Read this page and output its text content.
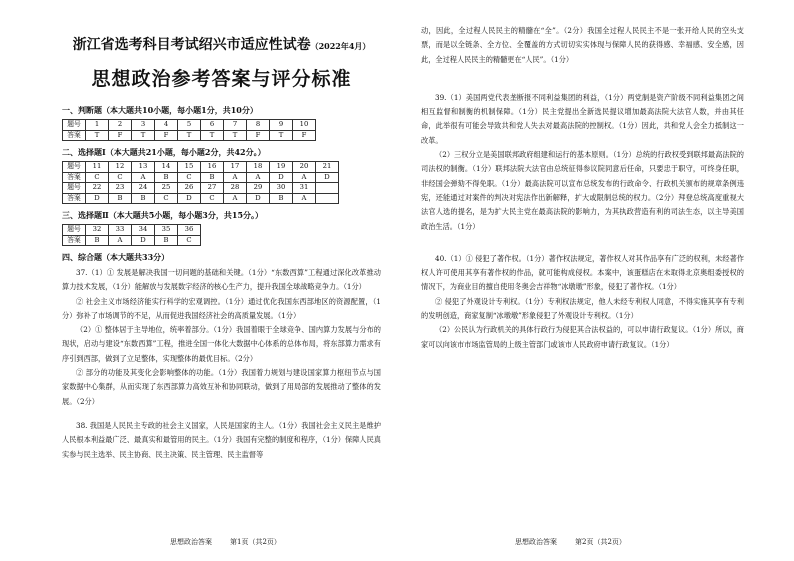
浙江省选考科目考试绍兴市适应性试卷（2022年4月）
思想政治参考答案与评分标准
一、判断题（本大题共10小题，每小题1分，共10分）
题号	1	2	3	4	5	6	7	8	9	10
答案	T	F	T	F	T	T	T	F	T	F
二、选择题Ⅰ（本大题共21小题，每小题2分，共42分。）
题号	11	12	13	14	15	16	17	18	19	20	21
答案	C	C	A	B	C	B	A	A	D	A	D
题号	22	23	24	25	26	27	28	29	30	31	
答案	D	B	B	C	D	C	A	D	B	A	
三、选择题Ⅱ（本大题共5小题，每小题3分，共15分。）
题号	32	33	34	35	36
答案	B	A	D	B	C
四、综合题（本大题共33分）

37.（1）① 发展是解决我国一切问题的基础和关键。（1分）“东数西算”工程通过深化改革推动算力技术发展，（1分）能解放与发展数字经济的核心生产力，提升我国全球战略竞争力。（1分）

② 社会主义市场经济能实行科学的宏观调控。（1分）通过优化我国东西部地区的资源配置，（1分）弥补了市场调节的不足，从而促进我国经济社会的高质量发展。（1分）

（2）① 整体居于主导地位，统率着部分。（1分）我国着眼于全球竞争、国内算力发展与分布的现状，启动与建设“东数西算”工程，推进全国一体化大数据中心体系的总体布局，将东部算力需求有序引到西部，做到了立足整体，实现整体的最优目标。（2分）

② 部分的功能及其变化会影响整体的功能。（1分）我国着力规划与建设国家算力枢纽节点与国家数据中心集群，从而实现了东西部算力高效互补和协同联动，做到了用局部的发展推动了整体的发展。（2分）

38. 我国是人民民主专政的社会主义国家，人民是国家的主人。（1分）我国社会主义民主是维护人民根本利益最广泛、最真实和最管用的民主。（1分）我国有完整的制度和程序，（1分）保障人民真实参与民主选举、民主协商、民主决策、民主管理、民主监督等

思想政治答案	第1页（共2页）

动，因此，全过程人民民主的精髓在“全”。（2分）我国全过程人民民主不是一张开给人民的空头支票，而是以全链条、全方位、全覆盖的方式切切实实体现与保障人民的获得感、幸福感、安全感，因此，全过程人民民主的精髓更在“人民”。（1分）

39.（1）美国两党代表垄断报不同利益集团的利益，（1分）两党制是资产阶级不同利益集团之间相互监督和制衡的机制保障。（1分）民主党提出全新选民提议增加最高法院大法官人数，并由其任命，此举很有可能会导致共和党人失去对最高法院的控制权。（1分）因此，共和党人会全力抵制这一改革。

（2）三权分立是美国联邦政府组建和运行的基本原则。（1分）总统的行政权受到联邦最高法院的司法权的制衡。（1分）联邦法院大法官由总统征得参议院同意后任命，只要忠于职守，可终身任职，非经国会弹劾不得免职。（1分）最高法院可以宣布总统发布的行政命令、行政机关颁布的规章条例违宪，还能通过对案件的判决对宪法作出新解释，扩大或限制总统的权力。（2分）拜登总统高度重视大法官人选的提名，是为扩大民主党在最高法院的影响力，为其执政营造有利的司法生态，以主导美国政治生活。（1分）

40.（1）① 侵犯了著作权。（1分）著作权法规定，著作权人对其作品享有广泛的权利，未经著作权人许可使用其享有著作权的作品，就可能构成侵权。本案中，该蛋糕店在未取得北京奥组委授权的情况下，为商业目的擅自使用冬奥会吉祥物“冰墩墩”形象，侵犯了著作权。（1分）

② 侵犯了外观设计专利权。（1分）专利权法规定，他人未经专利权人同意，不得实施其享有专利的发明创造，商家复制“冰墩墩”形象侵犯了外观设计专利权。（1分）

（2）公民认为行政机关的具体行政行为侵犯其合法权益的，可以申请行政复议。（1分）所以，商家可以向该市市场监管局的上级主管部门或该市人民政府申请行政复议。（1分）

思想政治答案	第2页（共2页）
